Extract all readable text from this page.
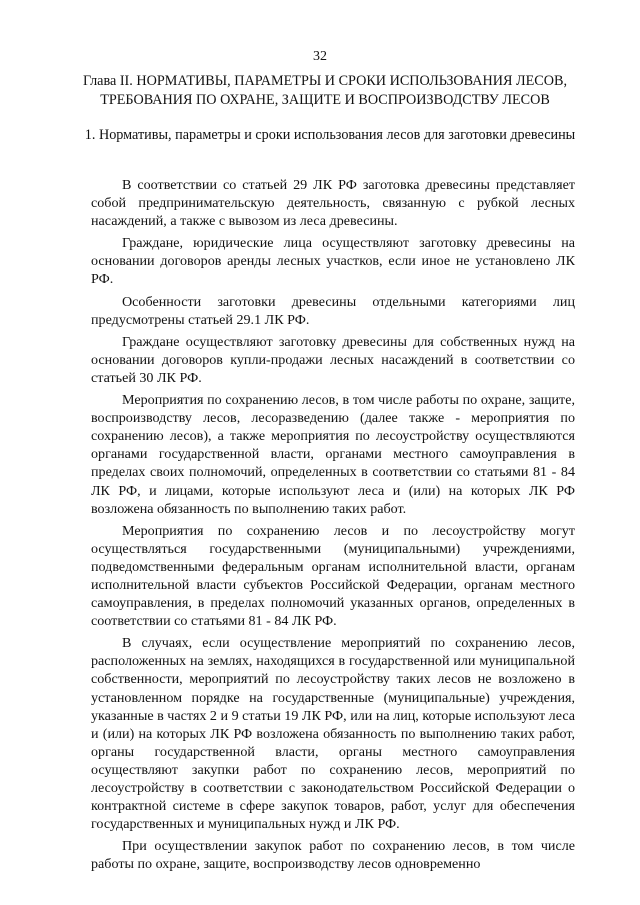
32
Глава II. НОРМАТИВЫ, ПАРАМЕТРЫ И СРОКИ ИСПОЛЬЗОВАНИЯ ЛЕСОВ, ТРЕБОВАНИЯ ПО ОХРАНЕ, ЗАЩИТЕ И ВОСПРОИЗВОДСТВУ ЛЕСОВ
1. Нормативы, параметры и сроки использования лесов для заготовки древесины

В соответствии со статьей 29 ЛК РФ заготовка древесины представляет собой предпринимательскую деятельность, связанную с рубкой лесных насаждений, а также с вывозом из леса древесины.

Граждане, юридические лица осуществляют заготовку древесины на основании договоров аренды лесных участков, если иное не установлено ЛК РФ.

Особенности заготовки древесины отдельными категориями лиц предусмотрены статьей 29.1 ЛК РФ.

Граждане осуществляют заготовку древесины для собственных нужд на основании договоров купли-продажи лесных насаждений в соответствии со статьей 30 ЛК РФ.

Мероприятия по сохранению лесов, в том числе работы по охране, защите, воспроизводству лесов, лесоразведению (далее также - мероприятия по сохранению лесов), а также мероприятия по лесоустройству осуществляются органами государственной власти, органами местного самоуправления в пределах своих полномочий, определенных в соответствии со статьями 81 - 84 ЛК РФ, и лицами, которые используют леса и (или) на которых ЛК РФ возложена обязанность по выполнению таких работ.

Мероприятия по сохранению лесов и по лесоустройству могут осуществляться государственными (муниципальными) учреждениями, подведомственными федеральным органам исполнительной власти, органам исполнительной власти субъектов Российской Федерации, органам местного самоуправления, в пределах полномочий указанных органов, определенных в соответствии со статьями 81 - 84 ЛК РФ.

В случаях, если осуществление мероприятий по сохранению лесов, расположенных на землях, находящихся в государственной или муниципальной собственности, мероприятий по лесоустройству таких лесов не возложено в установленном порядке на государственные (муниципальные) учреждения, указанные в частях 2 и 9 статьи 19 ЛК РФ, или на лиц, которые используют леса и (или) на которых ЛК РФ возложена обязанность по выполнению таких работ, органы государственной власти, органы местного самоуправления осуществляют закупки работ по сохранению лесов, мероприятий по лесоустройству в соответствии с законодательством Российской Федерации о контрактной системе в сфере закупок товаров, работ, услуг для обеспечения государственных и муниципальных нужд и ЛК РФ.

При осуществлении закупок работ по сохранению лесов, в том числе работы по охране, защите, воспроизводству лесов одновременно
